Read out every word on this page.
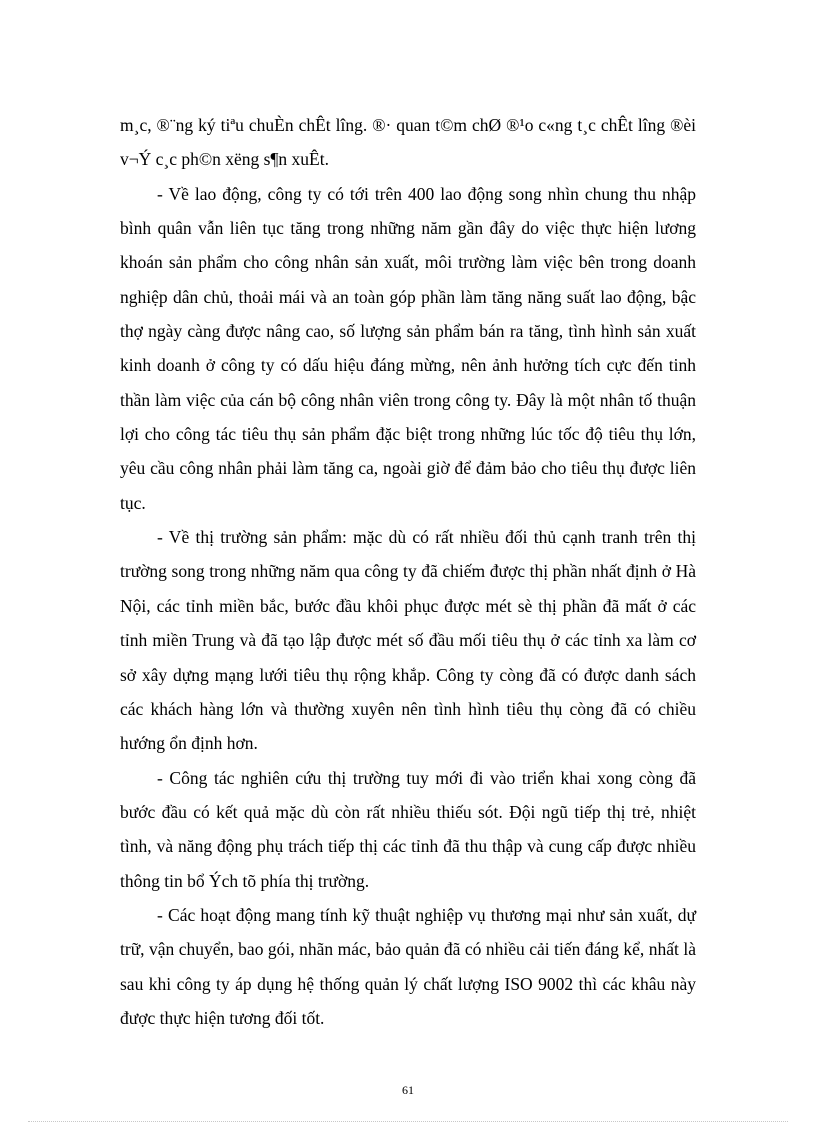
m¸c, ®¨ng ký tiªu chuÈn chÊt lîng. ®· quan t©m chØ ®¹o c«ng t¸c chÊt lîng ®èi v¬Ý c¸c ph©n xëng s¶n xuÊt.

- Về lao động, công ty có tới trên 400 lao động song nhìn chung thu nhập bình quân vẫn liên tục tăng trong những năm gần đây do việc thực hiện lương khoán sản phẩm cho công nhân sản xuất, môi trường làm việc bên trong doanh nghiệp dân chủ, thoải mái và an toàn góp phần làm tăng năng suất lao động, bậc thợ ngày càng được nâng cao, số lượng sản phẩm bán ra tăng, tình hình sản xuất kinh doanh ở công ty có dấu hiệu đáng mừng, nên ảnh hưởng tích cực đến tinh thần làm việc của cán bộ công nhân viên trong công ty. Đây là một nhân tố thuận lợi cho công tác tiêu thụ sản phẩm đặc biệt trong những lúc tốc độ tiêu thụ lớn, yêu cầu công nhân phải làm tăng ca, ngoài giờ để đảm bảo cho tiêu thụ được liên tục.

- Về thị trường sản phẩm: mặc dù có rất nhiều đối thủ cạnh tranh trên thị trường song trong những năm qua công ty đã chiếm được thị phần nhất định ở Hà Nội, các tỉnh miền bắc, bước đầu khôi phục được mét sè thị phần đã mất ở các tỉnh miền Trung và đã tạo lập được mét số đầu mối tiêu thụ ở các tỉnh xa làm cơ sở xây dựng mạng lưới tiêu thụ rộng khắp. Công ty còng đã có được danh sách các khách hàng lớn và thường xuyên nên tình hình tiêu thụ còng đã có chiều hướng ổn định hơn.

- Công tác nghiên cứu thị trường tuy mới đi vào triển khai xong còng đã bước đầu có kết quả mặc dù còn rất nhiều thiếu sót. Đội ngũ tiếp thị trẻ, nhiệt tình, và năng động phụ trách tiếp thị các tỉnh đã thu thập và cung cấp được nhiều thông tin bổ Ých tõ phía thị trường.

- Các hoạt động mang tính kỹ thuật nghiệp vụ thương mại như sản xuất, dự trữ, vận chuyển, bao gói, nhãn mác, bảo quản đã có nhiều cải tiến đáng kể, nhất là sau khi công ty áp dụng hệ thống quản lý chất lượng ISO 9002 thì các khâu này được thực hiện tương đối tốt.

61
